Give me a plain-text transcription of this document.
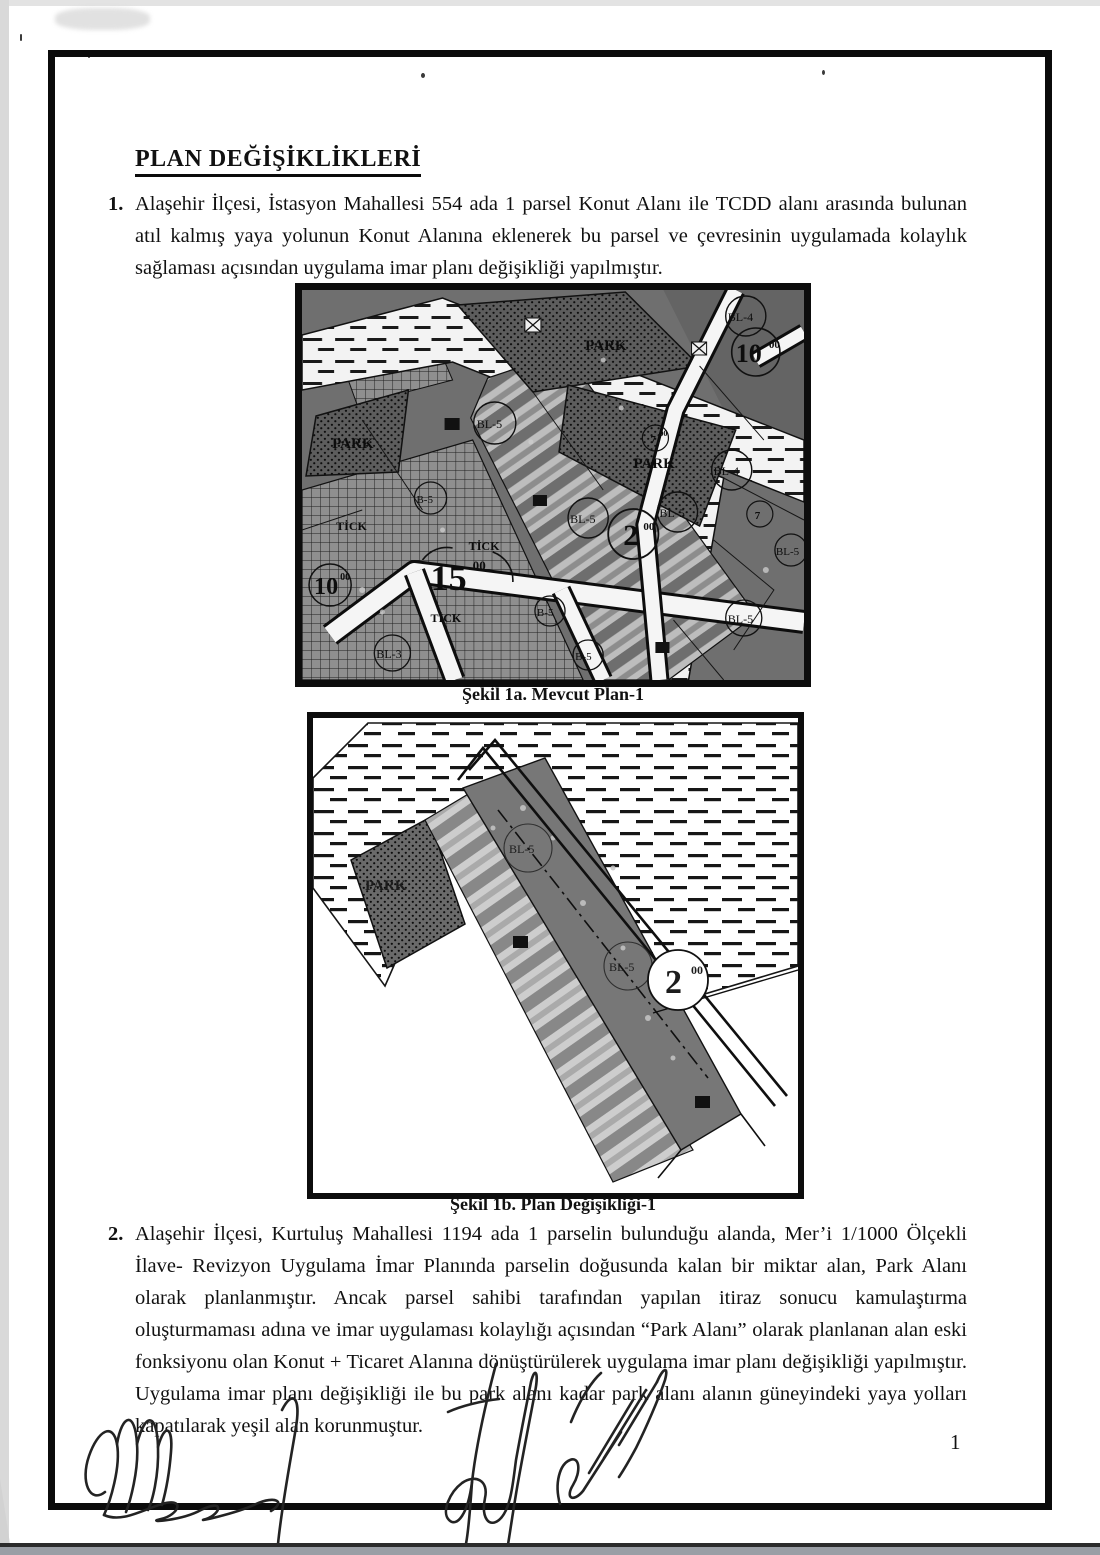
PLAN DEĞİŞİKLİKLERİ
1. Alaşehir İlçesi, İstasyon Mahallesi 554 ada 1 parsel Konut Alanı ile TCDD alanı arasında bulunan atıl kalmış yaya yolunun Konut Alanına eklenerek bu parsel ve çevresinin uygulamada kolaylık sağlaması açısından uygulama imar planı değişikliği yapılmıştır.
PARK
PARK
PARK
BL-4
10 00
BL-5
7
00
BL-4
BL-5	BL-5
2 00
7
BL-5
BL-5
B-5
B-5
B-5
15 00
10 00
TİCK
TİCK
TİCK
BL-3
Şekil 1a. Mevcut Plan-1
PARK
BL-5
BL-5 2 00
Şekil 1b. Plan Değişikliği-1
2. Alaşehir İlçesi, Kurtuluş Mahallesi 1194 ada 1 parselin bulunduğu alanda, Mer’i 1/1000 Ölçekli İlave- Revizyon Uygulama İmar Planında parselin doğusunda kalan bir miktar alan, Park Alanı olarak planlanmıştır. Ancak parsel sahibi tarafından yapılan itiraz sonucu kamulaştırma oluşturmaması adına ve imar uygulaması kolaylığı açısından “Park Alanı” olarak planlanan alan eski fonksiyonu olan Konut + Ticaret Alanına dönüştürülerek uygulama imar planı değişikliği yapılmıştır. Uygulama imar planı değişikliği ile bu park alanı kadar park alanı alanın güneyindeki yaya yolları kapatılarak yeşil alan korunmuştur.
1
